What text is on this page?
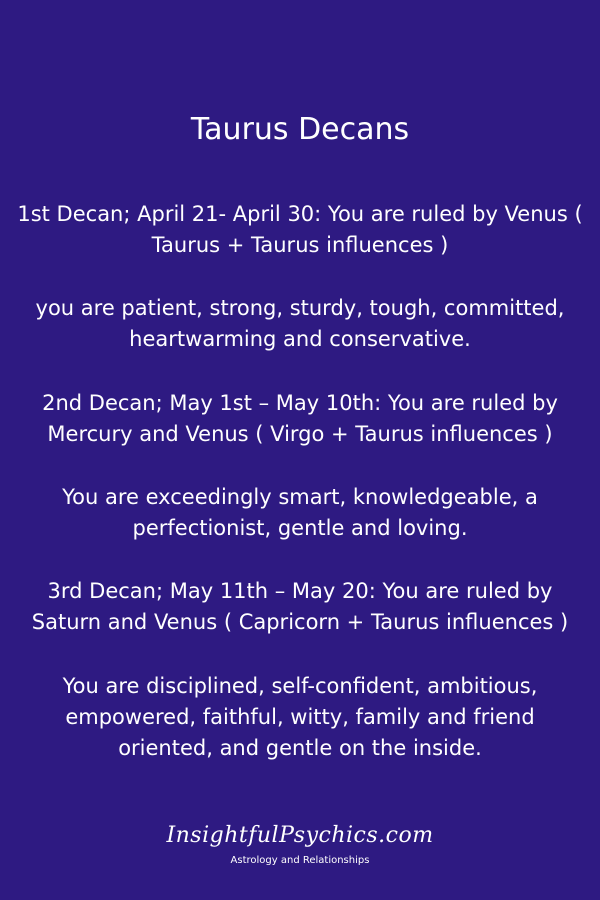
Taurus Decans

1st Decan; April 21- April 30: You are ruled by Venus ( Taurus + Taurus influences )

you are patient, strong, sturdy, tough, committed, heartwarming and conservative.

2nd Decan; May 1st – May 10th: You are ruled by Mercury and Venus ( Virgo + Taurus influences )

You are exceedingly smart, knowledgeable, a perfectionist, gentle and loving.

3rd Decan; May 11th – May 20: You are ruled by Saturn and Venus ( Capricorn + Taurus influences )

You are disciplined, self-confident, ambitious, empowered, faithful, witty, family and friend oriented, and gentle on the inside.

InsightfulPsychics.com
Astrology and Relationships
